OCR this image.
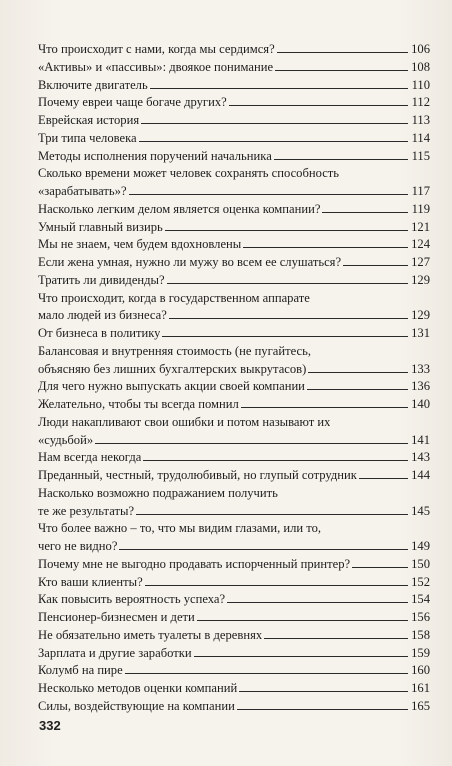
Что происходит с нами, когда мы сердимся?	106
«Активы» и «пассивы»: двоякое понимание	108
Включите двигатель	110
Почему евреи чаще богаче других?	112
Еврейская история	113
Три типа человека	114
Методы исполнения поручений начальника	115
Сколько времени может человек сохранять способность
«зарабатывать»?	117
Насколько легким делом является оценка компании?	119
Умный главный визирь	121
Мы не знаем, чем будем вдохновлены	124
Если жена умная, нужно ли мужу во всем ее слушаться?	127
Тратить ли дивиденды?	129
Что происходит, когда в государственном аппарате
мало людей из бизнеса?	129
От бизнеса в политику	131
Балансовая и внутренняя стоимость (не пугайтесь,
объясняю без лишних бухгалтерских выкрутасов)	133
Для чего нужно выпускать акции своей компании	136
Желательно, чтобы ты всегда помнил	140
Люди накапливают свои ошибки и потом называют их
«судьбой»	141
Нам всегда некогда	143
Преданный, честный, трудолюбивый, но глупый сотрудник	144
Насколько возможно подражанием получить
те же результаты?	145
Что более важно – то, что мы видим глазами, или то,
чего не видно?	149
Почему мне не выгодно продавать испорченный принтер?	150
Кто ваши клиенты?	152
Как повысить вероятность успеха?	154
Пенсионер-бизнесмен и дети	156
Не обязательно иметь туалеты в деревнях	158
Зарплата и другие заработки	159
Колумб на пире	160
Несколько методов оценки компаний	161
Силы, воздействующие на компании	165
332
